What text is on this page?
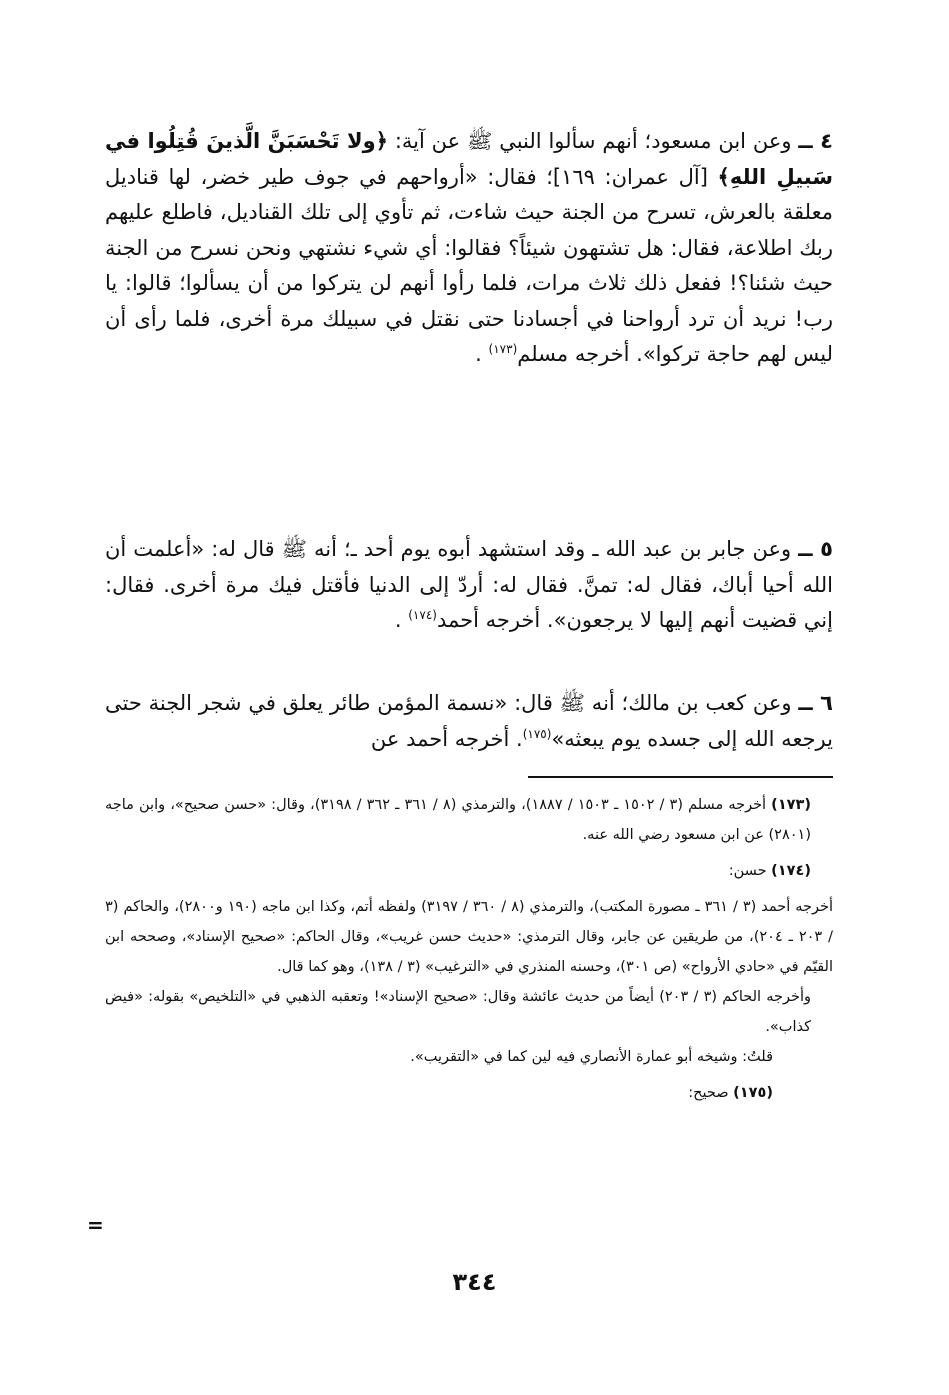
٤ ــ وعن ابن مسعود؛ أنهم سألوا النبي ﷺ عن آية: ﴿ولا تَحْسَبَنَّ الَّذينَ قُتِلُوا في سَبيلِ اللهِ﴾ [آل عمران: ١٦٩]؛ فقال: «أرواحهم في جوف طير خضر، لها قناديل معلقة بالعرش، تسرح من الجنة حيث شاءت، ثم تأوي إلى تلك القناديل، فاطلع عليهم ربك اطلاعة، فقال: هل تشتهون شيئاً؟ فقالوا: أي شيء نشتهي ونحن نسرح من الجنة حيث شئنا؟! ففعل ذلك ثلاث مرات، فلما رأوا أنهم لن يتركوا من أن يسألوا؛ قالوا: يا رب! نريد أن ترد أرواحنا في أجسادنا حتى نقتل في سبيلك مرة أخرى، فلما رأى أن ليس لهم حاجة تركوا». أخرجه مسلم$^{(١٧٣)}$ .

٥ ــ وعن جابر بن عبد الله ـ وقد استشهد أبوه يوم أحد ـ؛ أنه ﷺ قال له: «أعلمت أن الله أحيا أباك، فقال له: تمنَّ. فقال له: أردّ إلى الدنيا فأقتل فيك مرة أخرى. فقال: إني قضيت أنهم إليها لا يرجعون». أخرجه أحمد$^{(١٧٤)}$ .

٦ ــ وعن كعب بن مالك؛ أنه ﷺ قال: «نسمة المؤمن طائر يعلق في شجر الجنة حتى يرجعه الله إلى جسده يوم يبعثه»$^{(١٧٥)}$. أخرجه أحمد عن

(١٧٣) أخرجه مسلم (٣ / ١٥٠٢ ـ ١٥٠٣ / ١٨٨٧)، والترمذي (٨ / ٣٦١ ـ ٣٦٢ / ٣١٩٨)، وقال: «حسن صحيح»، وابن ماجه (٢٨٠١) عن ابن مسعود رضي الله عنه.

(١٧٤) حسن:

أخرجه أحمد (٣ / ٣٦١ ـ مصورة المكتب)، والترمذي (٨ / ٣٦٠ / ٣١٩٧) ولفظه أتم، وكذا ابن ماجه (١٩٠ و٢٨٠٠)، والحاكم (٣ / ٢٠٣ ـ ٢٠٤)، من طريقين عن جابر، وقال الترمذي: «حديث حسن غريب»، وقال الحاكم: «صحيح الإسناد»، وصححه ابن القيّم في «حادي الأرواح» (ص ٣٠١)، وحسنه المنذري في «الترغيب» (٣ / ١٣٨)، وهو كما قال.

وأخرجه الحاكم (٣ / ٢٠٣) أيضاً من حديث عائشة وقال: «صحيح الإسناد»! وتعقبه الذهبي في «التلخيص» بقوله: «فيض كذاب».

قلتُ: وشيخه أبو عمارة الأنصاري فيه لين كما في «التقريب».

(١٧٥) صحيح:

=
٣٤٤
